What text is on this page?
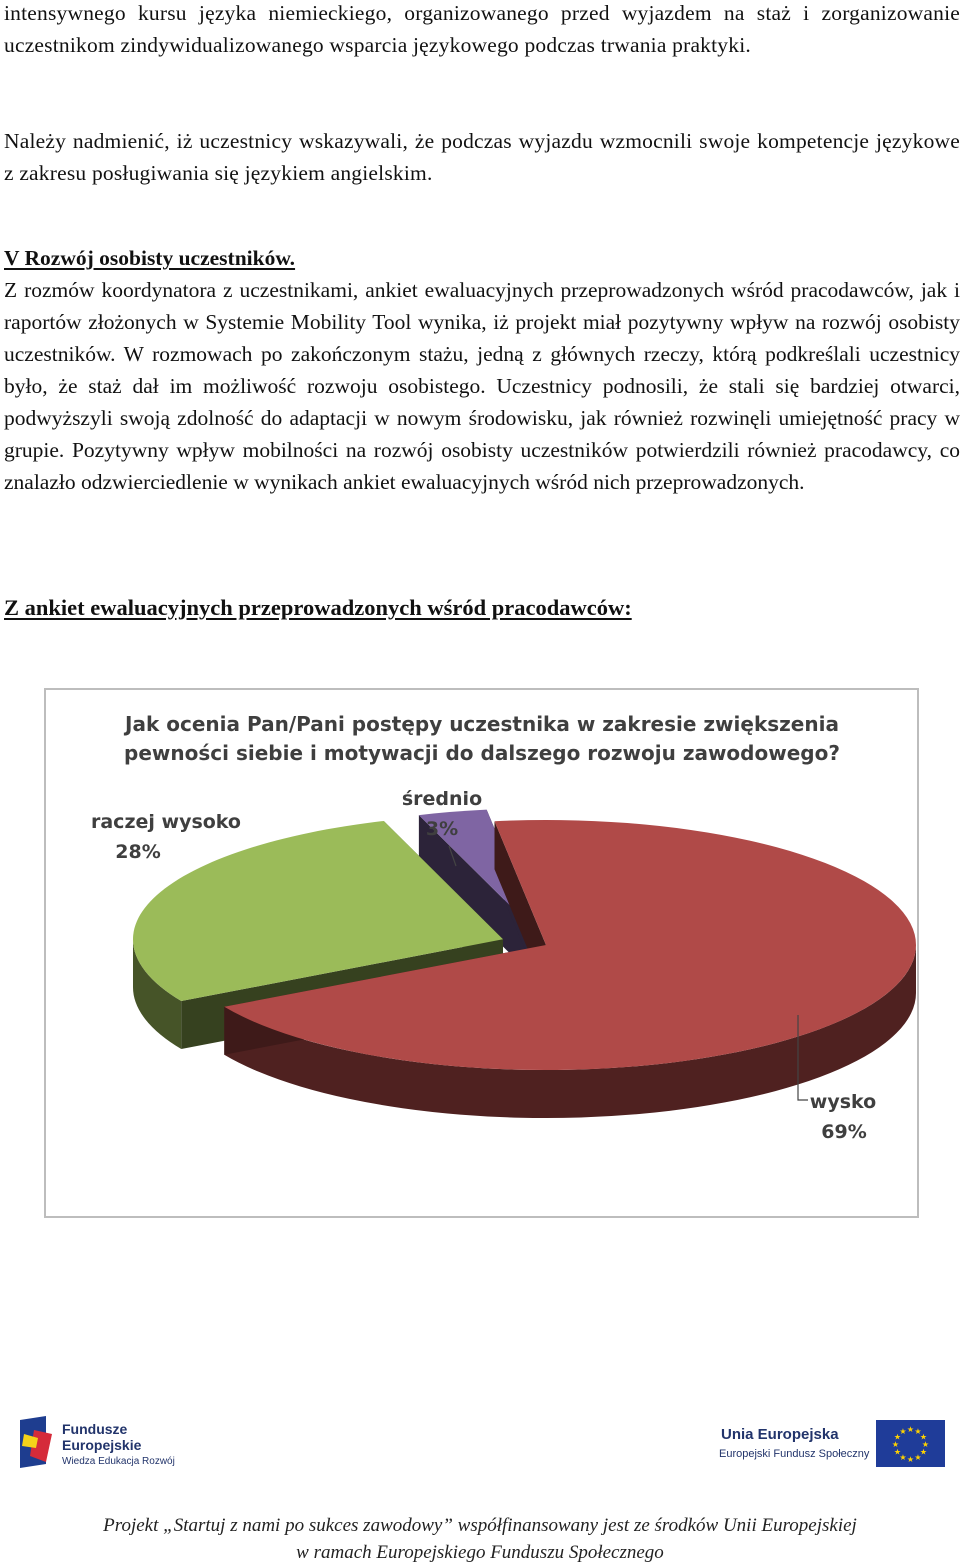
intensywnego kursu języka niemieckiego, organizowanego przed wyjazdem na staż i zorganizowanie uczestnikom zindywidualizowanego wsparcia językowego podczas trwania praktyki.

Należy nadmienić, iż uczestnicy wskazywali, że podczas wyjazdu wzmocnili swoje kompetencje językowe z zakresu posługiwania się językiem angielskim.

V Rozwój osobisty uczestników.
Z rozmów koordynatora z uczestnikami, ankiet ewaluacyjnych przeprowadzonych wśród pracodawców, jak i raportów złożonych w Systemie Mobility Tool wynika, iż projekt miał pozytywny wpływ na rozwój osobisty uczestników. W rozmowach po zakończonym stażu, jedną z głównych rzeczy, którą podkreślali uczestnicy było, że staż dał im możliwość rozwoju osobistego. Uczestnicy podnosili, że stali się bardziej otwarci, podwyższyli swoją zdolność do adaptacji w nowym środowisku, jak również rozwinęli umiejętność pracy w grupie. Pozytywny wpływ mobilności na rozwój osobisty uczestników potwierdzili również pracodawcy, co znalazło odzwierciedlenie w wynikach ankiet ewaluacyjnych wśród nich przeprowadzonych.

Z ankiet ewaluacyjnych przeprowadzonych wśród pracodawców:

Jak ocenia Pan/Pani postępy uczestnika w zakresie zwiększenia
pewności siebie i motywacji do dalszego rozwoju zawodowego?
raczej wysoko
28%
średnio
3%
wysko
69%
Fundusze
Europejskie
Wiedza Edukacja Rozwój
Unia Europejska
Europejski Fundusz Społeczny
★
★
★
★
★
★
★
★
★ ★ ★
★
Projekt „Startuj z nami po sukces zawodowy” współfinansowany jest ze środków Unii Europejskiej
w ramach Europejskiego Funduszu Społecznego
